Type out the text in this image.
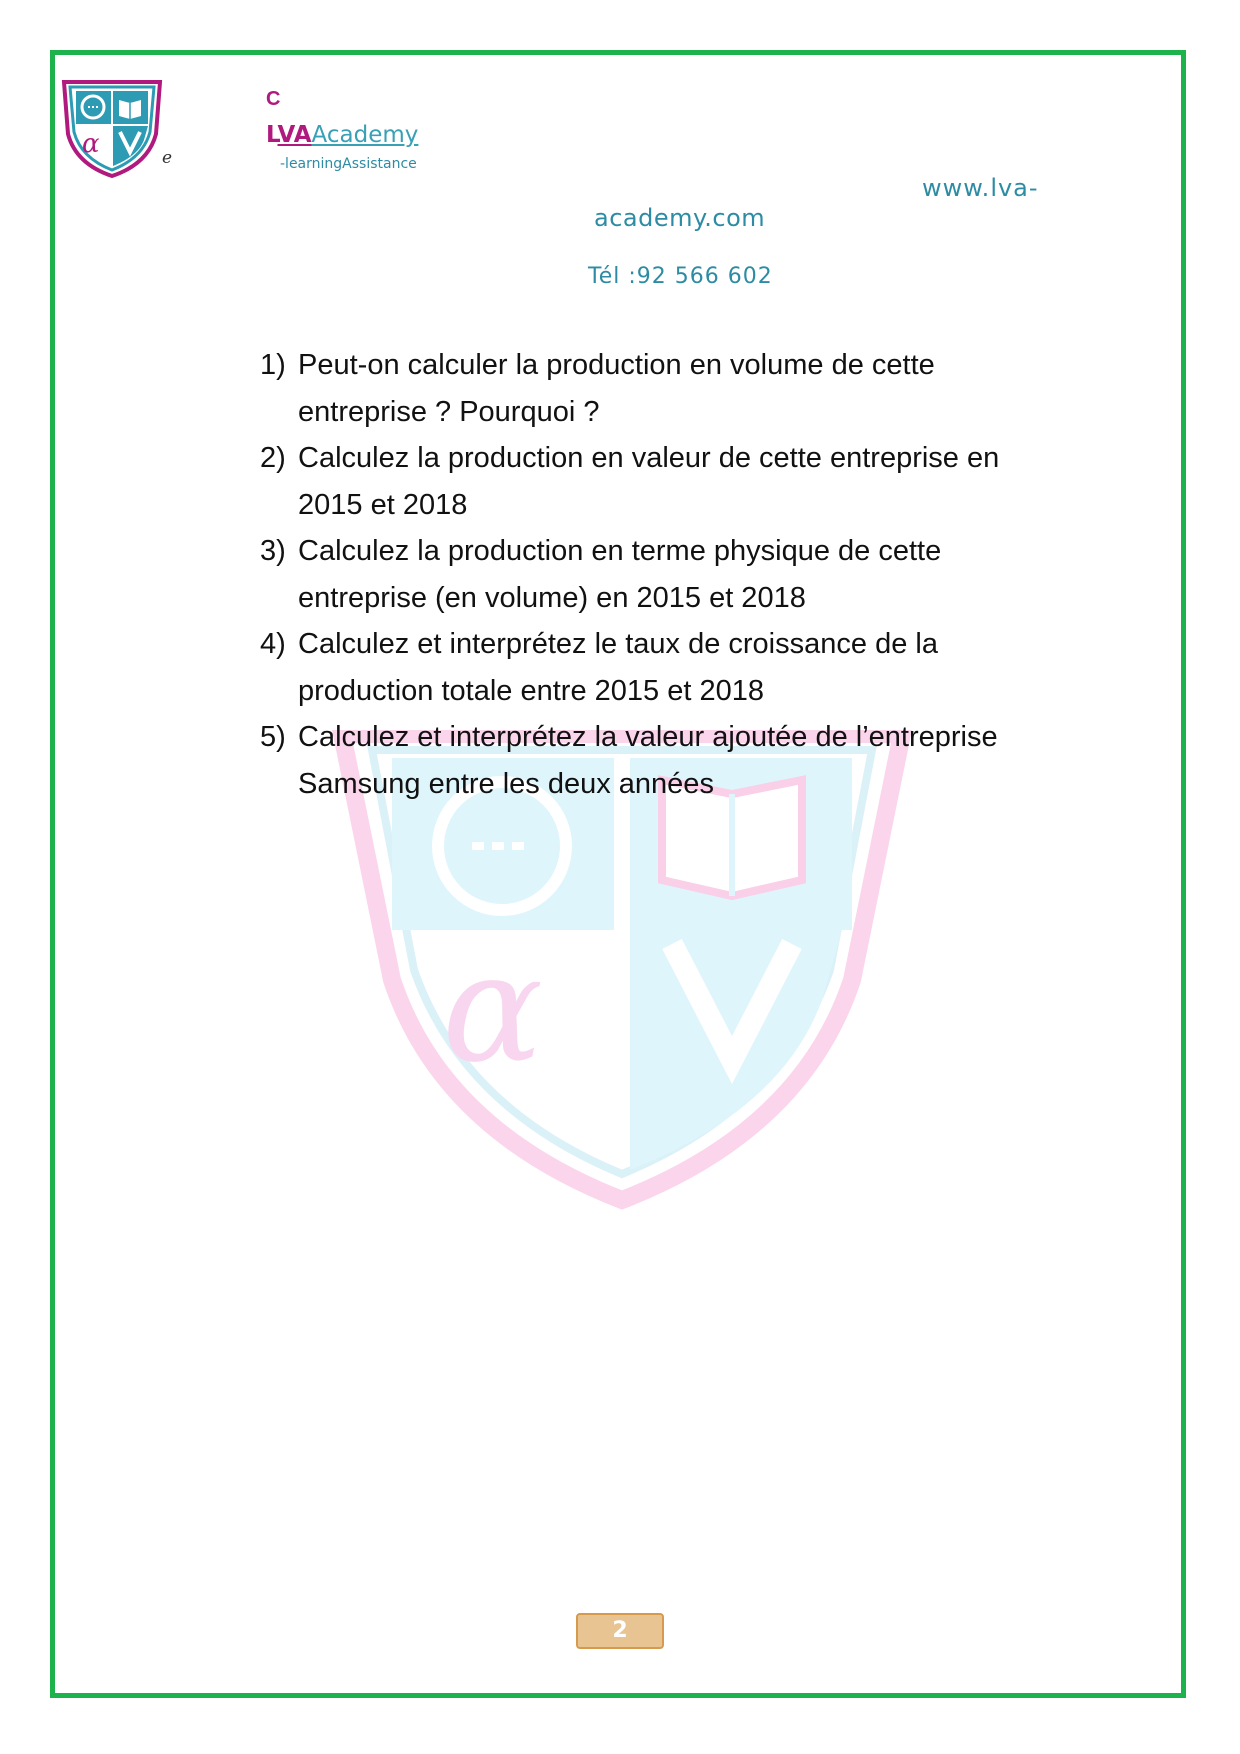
α	e
C
LVAAcademy
-learningAssistance
www.lva-
academy.com
Tél :92 566 602
α
1) Peut-on calculer la production en volume de cette
entreprise ? Pourquoi ?
2) Calculez la production en valeur de cette entreprise en
2015 et 2018
3) Calculez la production en terme physique de cette
entreprise (en volume) en 2015 et 2018
4) Calculez et interprétez le taux de croissance de la
production totale entre 2015 et 2018
5) Calculez et interprétez la valeur ajoutée de l’entreprise
Samsung entre les deux années
2
